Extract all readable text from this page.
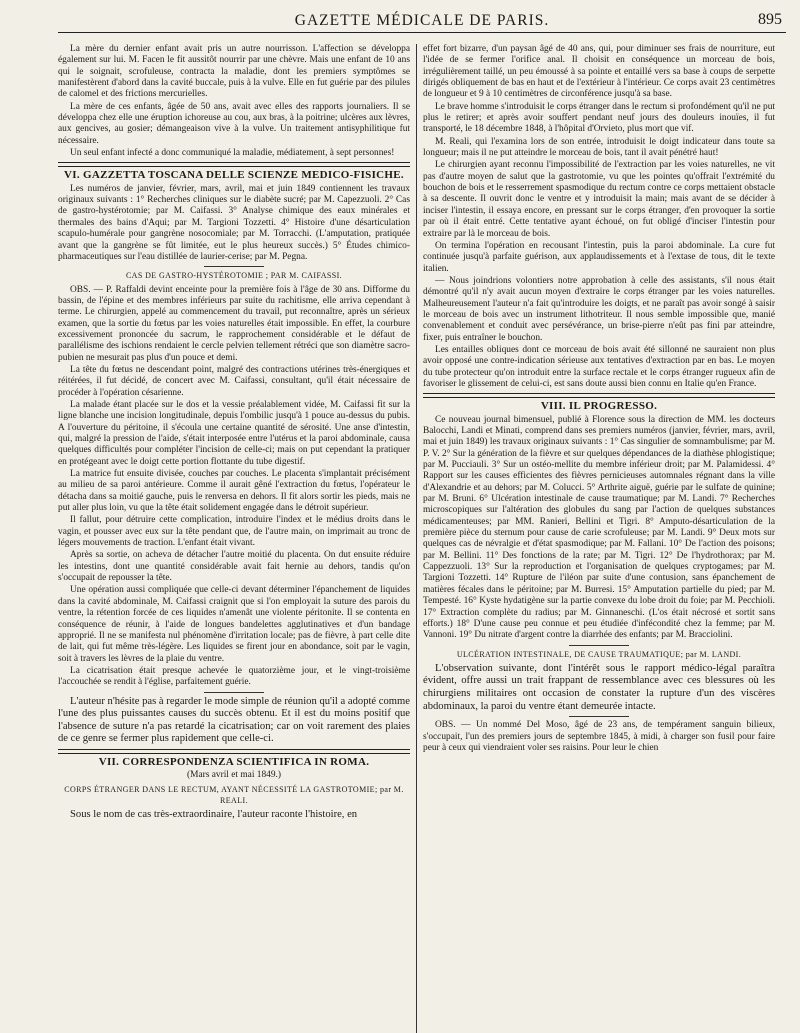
GAZETTE MÉDICALE DE PARIS.	895

La mère du dernier enfant avait pris un autre nourrisson. L'affection se développa également sur lui. M. Facen le fit aussitôt nourrir par une chèvre. Mais une enfant de 10 ans qui le soignait, scrofuleuse, contracta la maladie, dont les premiers symptômes se manifestèrent d'abord dans la cavité buccale, puis à la vulve. Elle en fut guérie par des pilules de calomel et des frictions mercurielles.

La mère de ces enfants, âgée de 50 ans, avait avec elles des rapports journaliers. Il se développa chez elle une éruption ichoreuse au cou, aux bras, à la poitrine; ulcères aux lèvres, aux gencives, au gosier; démangeaison vive à la vulve. Un traitement antisyphilitique fut nécessaire.

Un seul enfant infecté a donc communiqué la maladie, médiatement, à sept personnes!

VI. GAZZETTA TOSCANA DELLE SCIENZE MEDICO-FISICHE.

Les numéros de janvier, février, mars, avril, mai et juin 1849 contiennent les travaux originaux suivants : 1° Recherches cliniques sur le diabète sucré; par M. Capezzuoli. 2° Cas de gastro-hystérotomie; par M. Caifassi. 3° Analyse chimique des eaux minérales et thermales des bains d'Aqui; par M. Targioni Tozzetti. 4° Histoire d'une désarticulation scapulo-humérale pour gangrène nosocomiale; par M. Torracchi. (L'amputation, pratiquée avant que la gangrène se fût limitée, eut le plus heureux succès.) 5° Études chimico-pharmaceutiques sur l'eau distillée de laurier-cerise; par M. Pegna.

CAS DE GASTRO-HYSTÉROTOMIE ; PAR M. CAIFASSI.

OBS. — P. Raffaldi devint enceinte pour la première fois à l'âge de 30 ans. Difforme du bassin, de l'épine et des membres inférieurs par suite du rachitisme, elle arriva cependant à terme. Le chirurgien, appelé au commencement du travail, put reconnaître, après un sérieux examen, que la sortie du fœtus par les voies naturelles était impossible. En effet, la courbure excessivement prononcée du sacrum, le rapprochement considérable et le défaut de parallélisme des ischions rendaient le cercle pelvien tellement rétréci que son diamètre sacro-pubien ne mesurait pas plus d'un pouce et demi.

La tête du fœtus ne descendant point, malgré des contractions utérines très-énergiques et réitérées, il fut décidé, de concert avec M. Caifassi, consultant, qu'il était nécessaire de procéder à l'opération césarienne.

La malade étant placée sur le dos et la vessie préalablement vidée, M. Caifassi fit sur la ligne blanche une incision longitudinale, depuis l'ombilic jusqu'à 1 pouce au-dessus du pubis. A l'ouverture du péritoine, il s'écoula une certaine quantité de sérosité. Une anse d'intestin, qui, malgré la pression de l'aide, s'était interposée entre l'utérus et la paroi abdominale, causa quelques difficultés pour compléter l'incision de celle-ci; mais on put cependant la pratiquer en protégeant avec le doigt cette portion flottante du tube digestif.

La matrice fut ensuite divisée, couches par couches. Le placenta s'implantait précisément au milieu de sa paroi antérieure. Comme il aurait gêné l'extraction du fœtus, l'opérateur le détacha dans sa moitié gauche, puis le renversa en dehors. Il fit alors sortir les pieds, mais ne put aller plus loin, vu que la tête était solidement engagée dans le détroit supérieur.

Il fallut, pour détruire cette complication, introduire l'index et le médius droits dans le vagin, et pousser avec eux sur la tête pendant que, de l'autre main, on imprimait au tronc de légers mouvements de traction. L'enfant était vivant.

Après sa sortie, on acheva de détacher l'autre moitié du placenta. On dut ensuite réduire les intestins, dont une quantité considérable avait fait hernie au dehors, tandis qu'on s'occupait de repousser la tête.

Une opération aussi compliquée que celle-ci devant déterminer l'épanchement de liquides dans la cavité abdominale, M. Caifassi craignit que si l'on employait la suture des parois du ventre, la rétention forcée de ces liquides n'amenât une violente péritonite. Il se contenta en conséquence de réunir, à l'aide de longues bandelettes agglutinatives et d'un bandage approprié. Il ne se manifesta nul phénomène d'irritation locale; pas de fièvre, à part celle dite de lait, qui fut même très-légère. Les liquides se firent jour en abondance, soit par le vagin, soit à travers les lèvres de la plaie du ventre.

La cicatrisation était presque achevée le quatorzième jour, et le vingt-troisième l'accouchée se rendit à l'église, parfaitement guérie.

L'auteur n'hésite pas à regarder le mode simple de réunion qu'il a adopté comme l'une des plus puissantes causes du succès obtenu. Et il est du moins positif que l'absence de suture n'a pas retardé la cicatrisation; car on voit rarement des plaies de ce genre se fermer plus rapidement que celle-ci.

VII. CORRESPONDENZA SCIENTIFICA IN ROMA.

(Mars avril et mai 1849.)

CORPS ÉTRANGER DANS LE RECTUM, AYANT NÉCESSITÉ LA GASTROTOMIE; par M. REALI.

Sous le nom de cas très-extraordinaire, l'auteur raconte l'histoire, en

effet fort bizarre, d'un paysan âgé de 40 ans, qui, pour diminuer ses frais de nourriture, eut l'idée de se fermer l'orifice anal. Il choisit en conséquence un morceau de bois, irrégulièrement taillé, un peu émoussé à sa pointe et entaillé vers sa base à coups de serpette dirigés obliquement de bas en haut et de l'extérieur à l'intérieur. Ce corps avait 23 centimètres de longueur et 9 à 10 centimètres de circonférence jusqu'à sa base.

Le brave homme s'introduisit le corps étranger dans le rectum si profondément qu'il ne put plus le retirer; et après avoir souffert pendant neuf jours des douleurs inouïes, il fut transporté, le 18 décembre 1848, à l'hôpital d'Orvieto, plus mort que vif.

M. Reali, qui l'examina lors de son entrée, introduisit le doigt indicateur dans toute sa longueur; mais il ne put atteindre le morceau de bois, tant il avait pénétré haut!

Le chirurgien ayant reconnu l'impossibilité de l'extraction par les voies naturelles, ne vit pas d'autre moyen de salut que la gastrotomie, vu que les pointes qu'offrait l'extrémité du bouchon de bois et le resserrement spasmodique du rectum contre ce corps mettaient obstacle à sa descente. Il ouvrit donc le ventre et y introduisit la main; mais avant de se décider à inciser l'intestin, il essaya encore, en pressant sur le corps étranger, d'en provoquer la sortie par où il était entré. Cette tentative ayant échoué, on fut obligé d'inciser l'intestin pour extraire par là le morceau de bois.

On termina l'opération en recousant l'intestin, puis la paroi abdominale. La cure fut continuée jusqu'à parfaite guérison, aux applaudissements et à l'extase de tous, dit le texte italien.

— Nous joindrions volontiers notre approbation à celle des assistants, s'il nous était démontré qu'il n'y avait aucun moyen d'extraire le corps étranger par les voies naturelles. Malheureusement l'auteur n'a fait qu'introduire les doigts, et ne paraît pas avoir songé à saisir le morceau de bois avec un instrument lithotriteur. Il nous semble impossible que, manié convenablement et conduit avec persévérance, un brise-pierre n'eût pas fini par atteindre, fixer, puis entraîner le bouchon.

Les entailles obliques dont ce morceau de bois avait été sillonné ne sauraient non plus avoir opposé une contre-indication sérieuse aux tentatives d'extraction par en bas. Le moyen du tube protecteur qu'on introduit entre la surface rectale et le corps étranger rugueux afin de favoriser le glissement de celui-ci, est sans doute aussi bien connu en Italie qu'en France.

VIII. IL PROGRESSO.

Ce nouveau journal bimensuel, publié à Florence sous la direction de MM. les docteurs Balocchi, Landi et Minati, comprend dans ses premiers numéros (janvier, février, mars, avril, mai et juin 1849) les travaux originaux suivants : 1° Cas singulier de somnambulisme; par M. P. V. 2° Sur la génération de la fièvre et sur quelques dépendances de la diathèse phlogistique; par M. Pucciauli. 3° Sur un ostéo-mellite du membre inférieur droit; par M. Palamidessi. 4° Rapport sur les causes efficientes des fièvres pernicieuses automnales régnant dans la ville d'Alexandrie et au dehors; par M. Colucci. 5° Arthrite aiguë, guérie par le sulfate de quinine; par M. Bruni. 6° Ulcération intestinale de cause traumatique; par M. Landi. 7° Recherches microscopiques sur l'altération des globules du sang par l'action de quelques substances médicamenteuses; par MM. Ranieri, Bellini et Tigri. 8° Amputo-désarticulation de la première pièce du sternum pour cause de carie scrofuleuse; par M. Landi. 9° Deux mots sur quelques cas de névralgie et d'état spasmodique; par M. Fallani. 10° De l'action des poisons; par M. Bellini. 11° Des fonctions de la rate; par M. Tigri. 12° De l'hydrothorax; par M. Cappezzuoli. 13° Sur la reproduction et l'organisation de quelques cryptogames; par M. Targioni Tozzetti. 14° Rupture de l'iléon par suite d'une contusion, sans épanchement de matières fécales dans le péritoine; par M. Burresi. 15° Amputation partielle du pied; par M. Tempesté. 16° Kyste hydatigène sur la partie convexe du lobe droit du foie; par M. Pecchioli. 17° Extraction complète du radius; par M. Ginnaneschi. (L'os était nécrosé et sortit sans efforts.) 18° D'une cause peu connue et peu étudiée d'infécondité chez la femme; par M. Vannoni. 19° Du nitrate d'argent contre la diarrhée des enfants; par M. Bracciolini.

ULCÉRATION INTESTINALE, DE CAUSE TRAUMATIQUE; par M. LANDI.

L'observation suivante, dont l'intérêt sous le rapport médico-légal paraîtra évident, offre aussi un trait frappant de ressemblance avec ces blessures où les chirurgiens militaires ont occasion de constater la rupture d'un des viscères abdominaux, la paroi du ventre étant demeurée intacte.

OBS. — Un nommé Del Moso, âgé de 23 ans, de tempérament sanguin bilieux, s'occupait, l'un des premiers jours de septembre 1845, à midi, à charger son fusil pour faire peur à ceux qui viendraient voler ses raisins. Pour leur le chien
